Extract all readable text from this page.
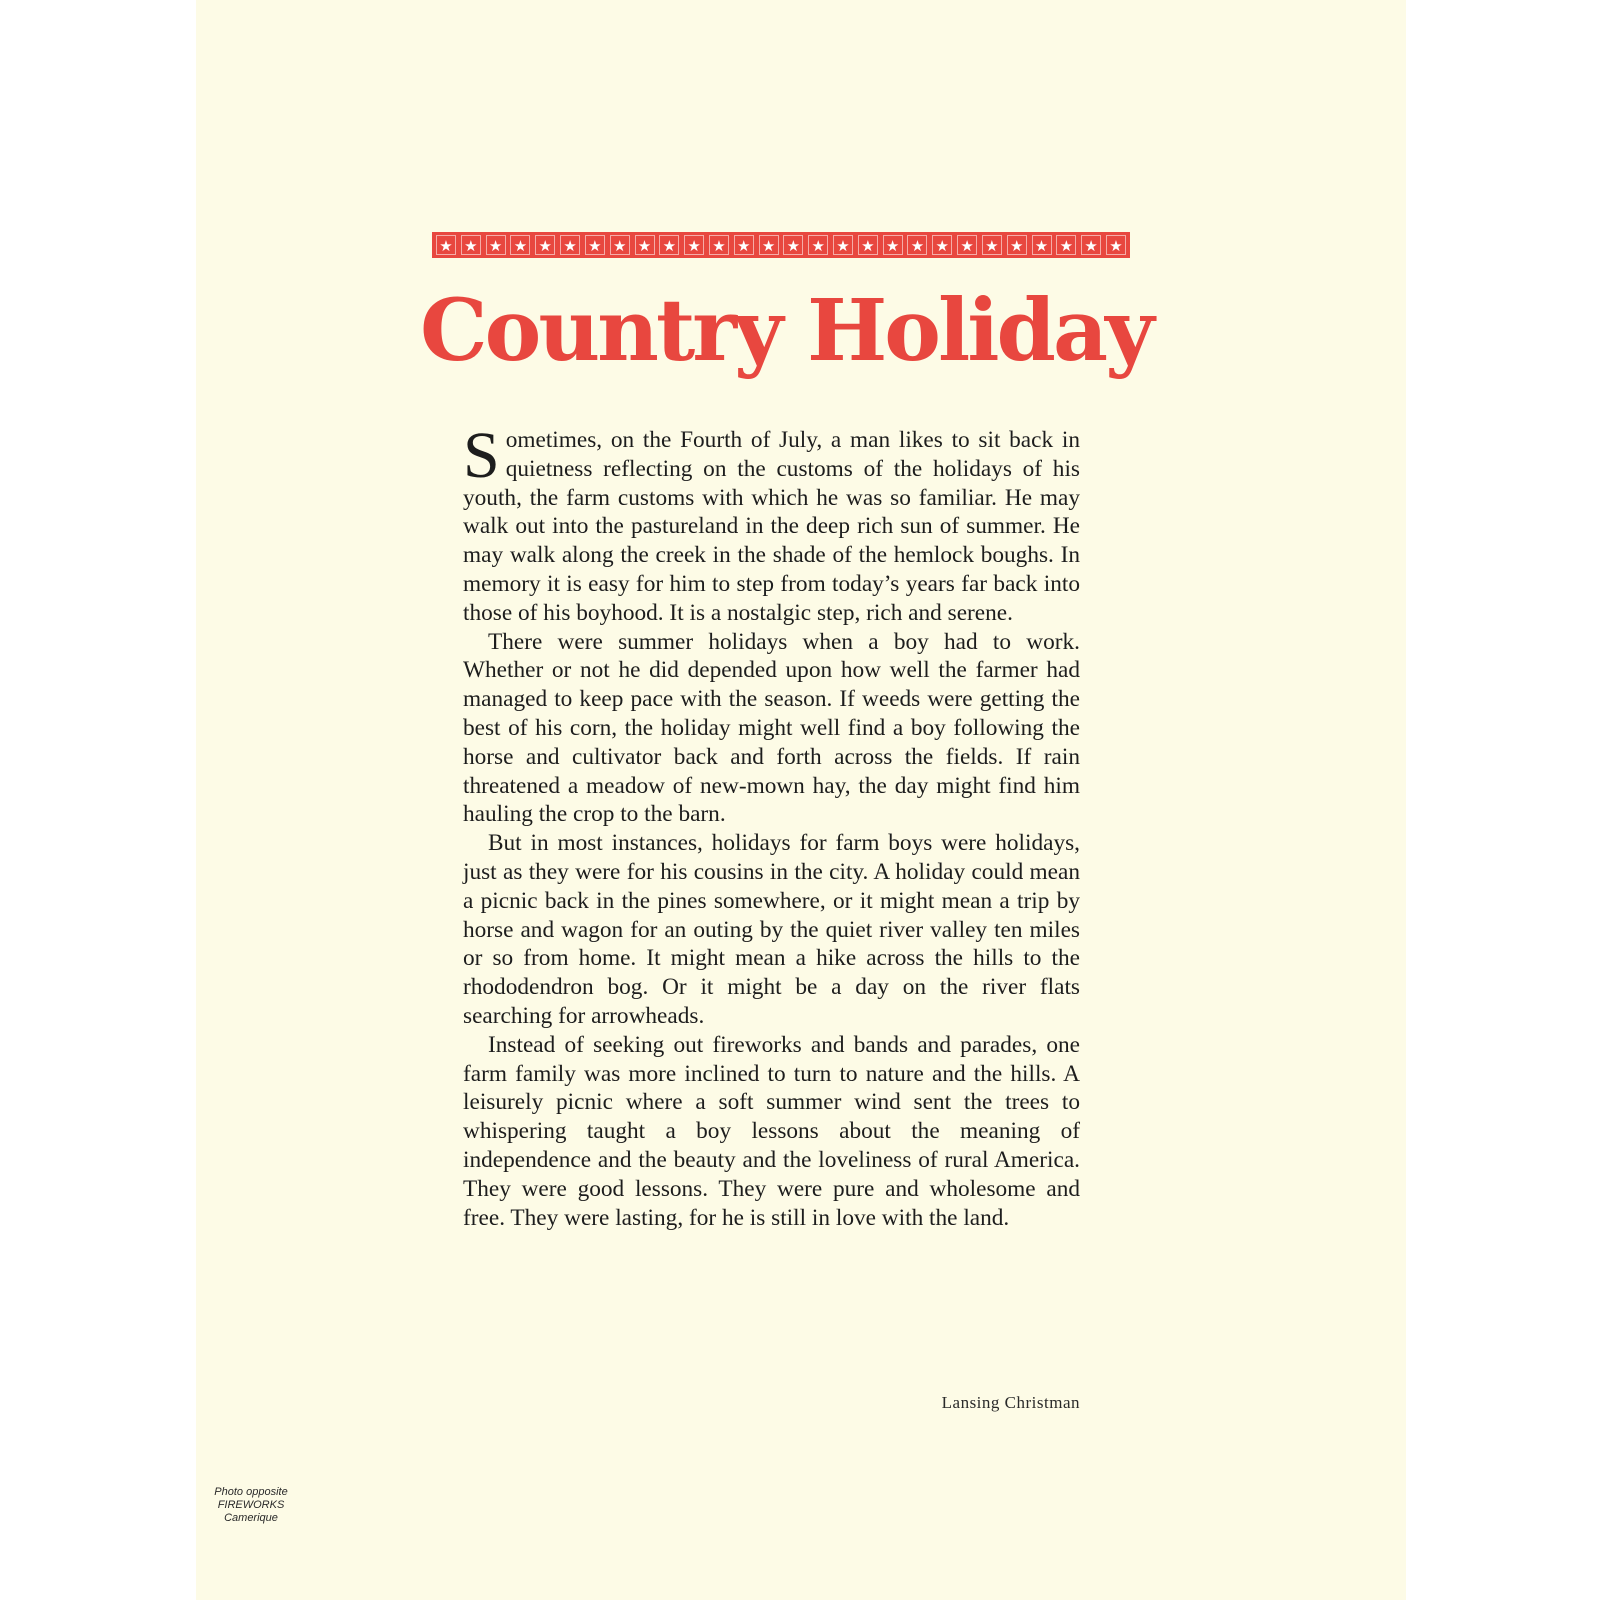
★ ★ ★ ★ ★ ★ ★ ★ ★ ★ ★ ★ ★ ★ ★ ★ ★ ★ ★ ★ ★ ★ ★ ★ ★ ★ ★ ★
Country Holiday

Sometimes, on the Fourth of July, a man likes to sit back in quietness reflecting on the customs of the holidays of his youth, the farm customs with which he was so familiar. He may walk out into the pastureland in the deep rich sun of summer. He may walk along the creek in the shade of the hemlock boughs. In memory it is easy for him to step from today’s years far back into those of his boyhood. It is a nostalgic step, rich and serene.

There were summer holidays when a boy had to work. Whether or not he did depended upon how well the farmer had managed to keep pace with the season. If weeds were getting the best of his corn, the holiday might well find a boy following the horse and cultivator back and forth across the fields. If rain threatened a meadow of new-mown hay, the day might find him hauling the crop to the barn.

But in most instances, holidays for farm boys were holidays, just as they were for his cousins in the city. A holiday could mean a picnic back in the pines somewhere, or it might mean a trip by horse and wagon for an outing by the quiet river valley ten miles or so from home. It might mean a hike across the hills to the rhododendron bog. Or it might be a day on the river flats searching for arrowheads.

Instead of seeking out fireworks and bands and parades, one farm family was more inclined to turn to nature and the hills. A leisurely picnic where a soft summer wind sent the trees to whispering taught a boy lessons about the meaning of independence and the beauty and the loveliness of rural America. They were good lessons. They were pure and wholesome and free. They were lasting, for he is still in love with the land.

Lansing Christman
Photo opposite
FIREWORKS
Camerique
